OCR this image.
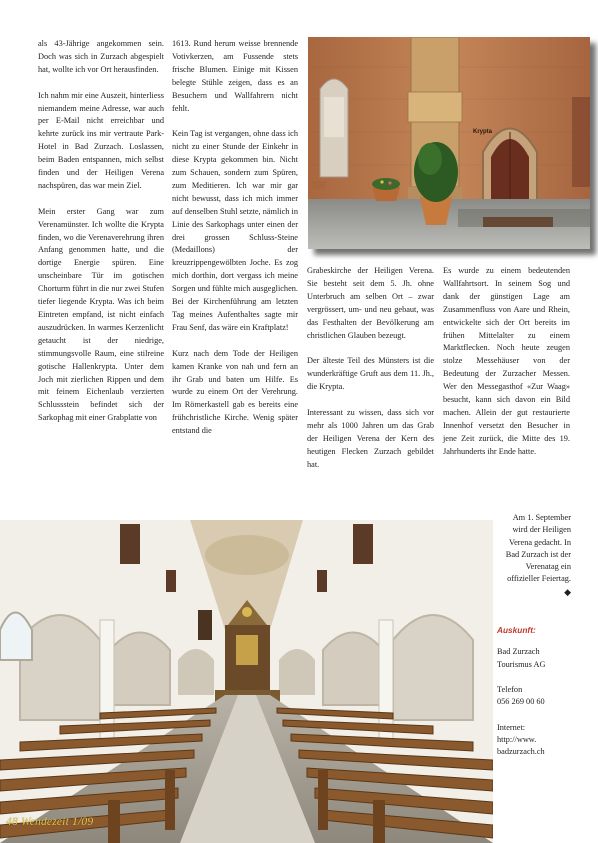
als 43-Jährige angekommen sein. Doch was sich in Zurzach abgespielt hat, wollte ich vor Ort herausfinden.

Ich nahm mir eine Auszeit, hinterliess niemandem meine Adresse, war auch per E-Mail nicht erreichbar und kehrte zurück ins mir vertraute Park-Hotel in Bad Zurzach. Loslassen, beim Baden entspannen, mich selbst finden und der Heiligen Verena nachspüren, das war mein Ziel.

Mein erster Gang war zum Verenamünster. Ich wollte die Krypta finden, wo die Verenaverehrung ihren Anfang genommen hatte, und die dortige Energie spüren. Eine unscheinbare Tür im gotischen Chorturm führt in die nur zwei Stufen tiefer liegende Krypta. Was ich beim Eintreten empfand, ist nicht einfach auszudrücken. In warmes Kerzenlicht getaucht ist der niedrige, stimmungsvolle Raum, eine stilreine gotische Hallenkrypta. Unter dem Joch mit zierlichen Rippen und dem mit feinem Eichenlaub verzierten Schlussstein befindet sich der Sarkophag mit einer Grabplatte von

1613. Rund herum weisse brennende Votivkerzen, am Fussende stets frische Blumen. Einige mit Kissen belegte Stühle zeigen, dass es an Besuchern und Wallfahrern nicht fehlt.

Kein Tag ist vergangen, ohne dass ich nicht zu einer Stunde der Einkehr in diese Krypta gekommen bin. Nicht zum Schauen, sondern zum Spüren, zum Meditieren. Ich war mir gar nicht bewusst, dass ich mich immer auf denselben Stuhl setzte, nämlich in Linie des Sarkophags unter einen der drei grossen Schluss-Steine (Medaillons) der kreuzrippengewölbten Joche. Es zog mich dorthin, dort vergass ich meine Sorgen und fühlte mich ausgeglichen. Bei der Kirchenführung am letzten Tag meines Aufenthaltes sagte mir Frau Senf, das wäre ein Kraftplatz!

Kurz nach dem Tode der Heiligen kamen Kranke von nah und fern an ihr Grab und baten um Hilfe. Es wurde zu einem Ort der Verehrung. Im Römerkastell gab es bereits eine frühchristliche Kirche. Wenig später entstand die

Grabeskirche der Heiligen Verena. Sie besteht seit dem 5. Jh. ohne Unterbruch am selben Ort – zwar vergrössert, um- und neu gebaut, was das Festhalten der Bevölkerung am christlichen Glauben bezeugt.

Der älteste Teil des Münsters ist die wunderkräftige Gruft aus dem 11. Jh., die Krypta.

Interessant zu wissen, dass sich vor mehr als 1000 Jahren um das Grab der Heiligen Verena der Kern des heutigen Flecken Zurzach gebildet hat.

Es wurde zu einem bedeutenden Wallfahrtsort. In seinem Sog und dank der günstigen Lage am Zusammenfluss von Aare und Rhein, entwickelte sich der Ort bereits im frühen Mittelalter zu einem Marktflecken. Noch heute zeugen stolze Messehäuser von der Bedeutung der Zurzacher Messen. Wer den Messegasthof «Zur Waag» besucht, kann sich davon ein Bild machen. Allein der gut restaurierte Innenhof versetzt den Besucher in jene Zeit zurück, die Mitte des 19. Jahrhunderts ihr Ende hatte.

Krypta

Am 1. September wird der Heiligen Verena gedacht. In Bad Zurzach ist der Verenatag ein offizieller Feiertag.

◆

Auskunft:

Bad Zurzach Tourismus AG

Telefon
056 269 00 60

Internet:
http://www.
badzurzach.ch

48 Wendezeit 1/09
